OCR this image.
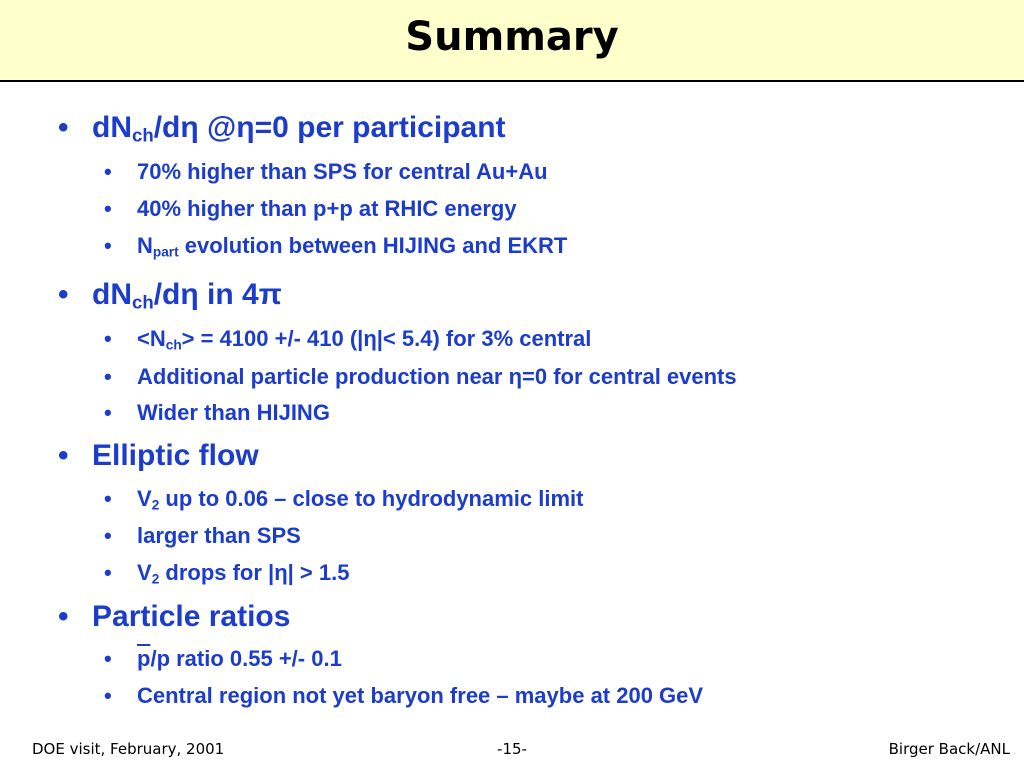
Summary
• $dN_{ch}/d\eta$ @η=0 per participant
• 70% higher than SPS for central Au+Au
• 40% higher than p+p at RHIC energy
• $N_{part}$ evolution between HIJING and EKRT
• $dN_{ch}/d\eta$ in 4π
• $<N_{ch}> = 4100$ +/- 410 (|η|< 5.4) for 3% central
• Additional particle production near η=0 for central events
• Wider than HIJING
• Elliptic flow
• $V_2$ up to 0.06 – close to hydrodynamic limit
• larger than SPS
• $V_2$ drops for |η| > 1.5
• Particle ratios
• $\overline{p}/p$ ratio 0.55 +/- 0.1
• Central region not yet baryon free – maybe at 200 GeV
DOE visit, February, 2001	-15-	Birger Back/ANL
